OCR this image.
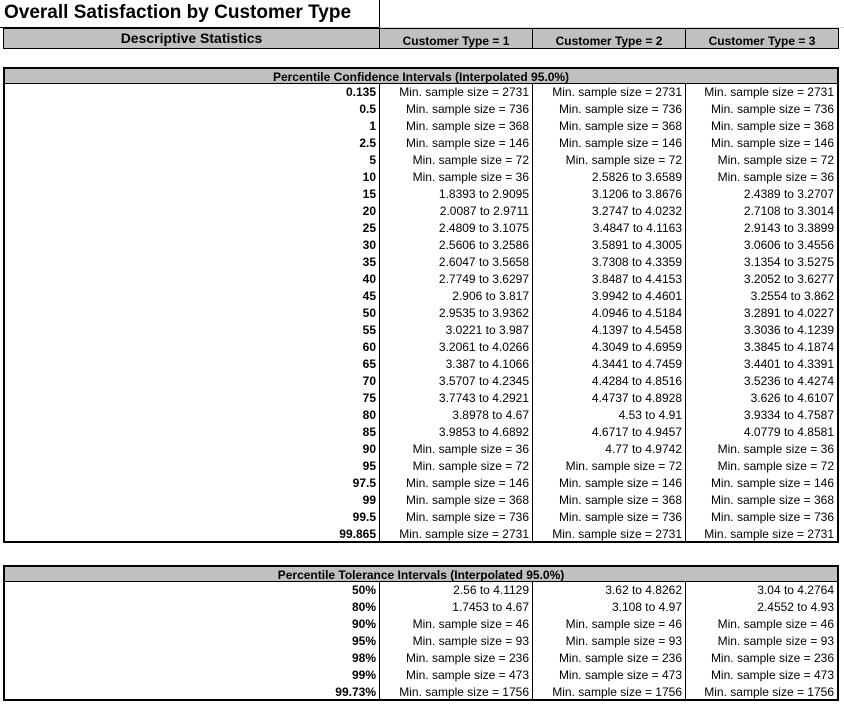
Overall Satisfaction by Customer Type
Descriptive Statistics	Customer Type = 1	Customer Type = 2	Customer Type = 3
Percentile Confidence Intervals (Interpolated 95.0%)
0.135	Min. sample size = 2731	Min. sample size = 2731	Min. sample size = 2731
0.5	Min. sample size = 736	Min. sample size = 736	Min. sample size = 736
1	Min. sample size = 368	Min. sample size = 368	Min. sample size = 368
2.5	Min. sample size = 146	Min. sample size = 146	Min. sample size = 146
5	Min. sample size = 72	Min. sample size = 72	Min. sample size = 72
10	Min. sample size = 36	2.5826 to 3.6589	Min. sample size = 36
15	1.8393 to 2.9095	3.1206 to 3.8676	2.4389 to 3.2707
20	2.0087 to 2.9711	3.2747 to 4.0232	2.7108 to 3.3014
25	2.4809 to 3.1075	3.4847 to 4.1163	2.9143 to 3.3899
30	2.5606 to 3.2586	3.5891 to 4.3005	3.0606 to 3.4556
35	2.6047 to 3.5658	3.7308 to 4.3359	3.1354 to 3.5275
40	2.7749 to 3.6297	3.8487 to 4.4153	3.2052 to 3.6277
45	2.906 to 3.817	3.9942 to 4.4601	3.2554 to 3.862
50	2.9535 to 3.9362	4.0946 to 4.5184	3.2891 to 4.0227
55	3.0221 to 3.987	4.1397 to 4.5458	3.3036 to 4.1239
60	3.2061 to 4.0266	4.3049 to 4.6959	3.3845 to 4.1874
65	3.387 to 4.1066	4.3441 to 4.7459	3.4401 to 4.3391
70	3.5707 to 4.2345	4.4284 to 4.8516	3.5236 to 4.4274
75	3.7743 to 4.2921	4.4737 to 4.8928	3.626 to 4.6107
80	3.8978 to 4.67	4.53 to 4.91	3.9334 to 4.7587
85	3.9853 to 4.6892	4.6717 to 4.9457	4.0779 to 4.8581
90	Min. sample size = 36	4.77 to 4.9742	Min. sample size = 36
95	Min. sample size = 72	Min. sample size = 72	Min. sample size = 72
97.5	Min. sample size = 146	Min. sample size = 146	Min. sample size = 146
99	Min. sample size = 368	Min. sample size = 368	Min. sample size = 368
99.5	Min. sample size = 736	Min. sample size = 736	Min. sample size = 736
99.865	Min. sample size = 2731	Min. sample size = 2731	Min. sample size = 2731
Percentile Tolerance Intervals (Interpolated 95.0%)
50%	2.56 to 4.1129	3.62 to 4.8262	3.04 to 4.2764
80%	1.7453 to 4.67	3.108 to 4.97	2.4552 to 4.93
90%	Min. sample size = 46	Min. sample size = 46	Min. sample size = 46
95%	Min. sample size = 93	Min. sample size = 93	Min. sample size = 93
98%	Min. sample size = 236	Min. sample size = 236	Min. sample size = 236
99%	Min. sample size = 473	Min. sample size = 473	Min. sample size = 473
99.73%	Min. sample size = 1756	Min. sample size = 1756	Min. sample size = 1756
